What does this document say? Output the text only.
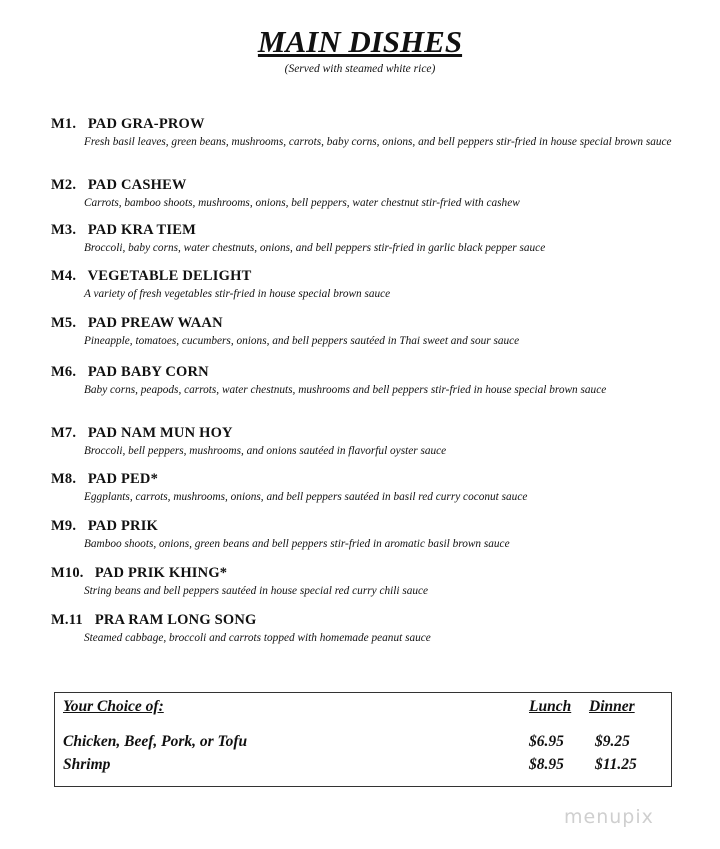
MAIN DISHES
(Served with steamed white rice)
M1. PAD GRA-PROW
Fresh basil leaves, green beans, mushrooms, carrots, baby corns, onions, and bell peppers stir-fried in house special brown sauce
M2. PAD CASHEW
Carrots, bamboo shoots, mushrooms, onions, bell peppers, water chestnut stir-fried with cashew
M3. PAD KRA TIEM
Broccoli, baby corns, water chestnuts, onions, and bell peppers stir-fried in garlic black pepper sauce
M4. VEGETABLE DELIGHT
A variety of fresh vegetables stir-fried in house special brown sauce
M5. PAD PREAW WAAN
Pineapple, tomatoes, cucumbers, onions, and bell peppers sautéed in Thai sweet and sour sauce
M6. PAD BABY CORN
Baby corns, peapods, carrots, water chestnuts, mushrooms and bell peppers stir-fried in house special brown sauce
M7. PAD NAM MUN HOY
Broccoli, bell peppers, mushrooms, and onions sautéed in flavorful oyster sauce
M8. PAD PED*
Eggplants, carrots, mushrooms, onions, and bell peppers sautéed in basil red curry coconut sauce
M9. PAD PRIK
Bamboo shoots, onions, green beans and bell peppers stir-fried in aromatic basil brown sauce
M10. PAD PRIK KHING*
String beans and bell peppers sautéed in house special red curry chili sauce
M.11 PRA RAM LONG SONG
Steamed cabbage, broccoli and carrots topped with homemade peanut sauce
Your Choice of:	Lunch Dinner
Chicken, Beef, Pork, or Tofu	$6.95 $9.25
Shrimp	$8.95 $11.25
menupix
